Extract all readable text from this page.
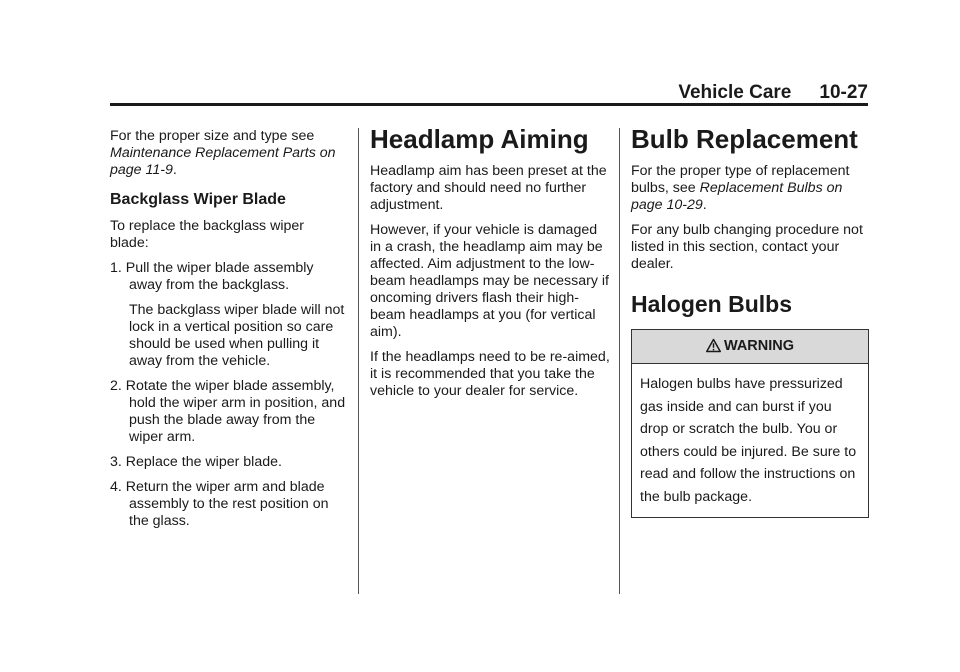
Vehicle Care 10-27

For the proper size and type see Maintenance Replacement Parts on page 11-9.

Backglass Wiper Blade

To replace the backglass wiper blade:

1. Pull the wiper blade assembly away from the backglass.
The backglass wiper blade will not lock in a vertical position so care should be used when pulling it away from the vehicle.
2. Rotate the wiper blade assembly, hold the wiper arm in position, and push the blade away from the wiper arm.
3. Replace the wiper blade.
4. Return the wiper arm and blade assembly to the rest position on the glass.
Headlamp Aiming

Headlamp aim has been preset at the factory and should need no further adjustment.

However, if your vehicle is damaged in a crash, the headlamp aim may be affected. Aim adjustment to the low-beam headlamps may be necessary if oncoming drivers flash their high-beam headlamps at you (for vertical aim).

If the headlamps need to be re-aimed, it is recommended that you take the vehicle to your dealer for service.

Bulb Replacement

For the proper type of replacement bulbs, see Replacement Bulbs on page 10-29.

For any bulb changing procedure not listed in this section, contact your dealer.

Halogen Bulbs
WARNING
Halogen bulbs have pressurized gas inside and can burst if you drop or scratch the bulb. You or others could be injured. Be sure to read and follow the instructions on the bulb package.
